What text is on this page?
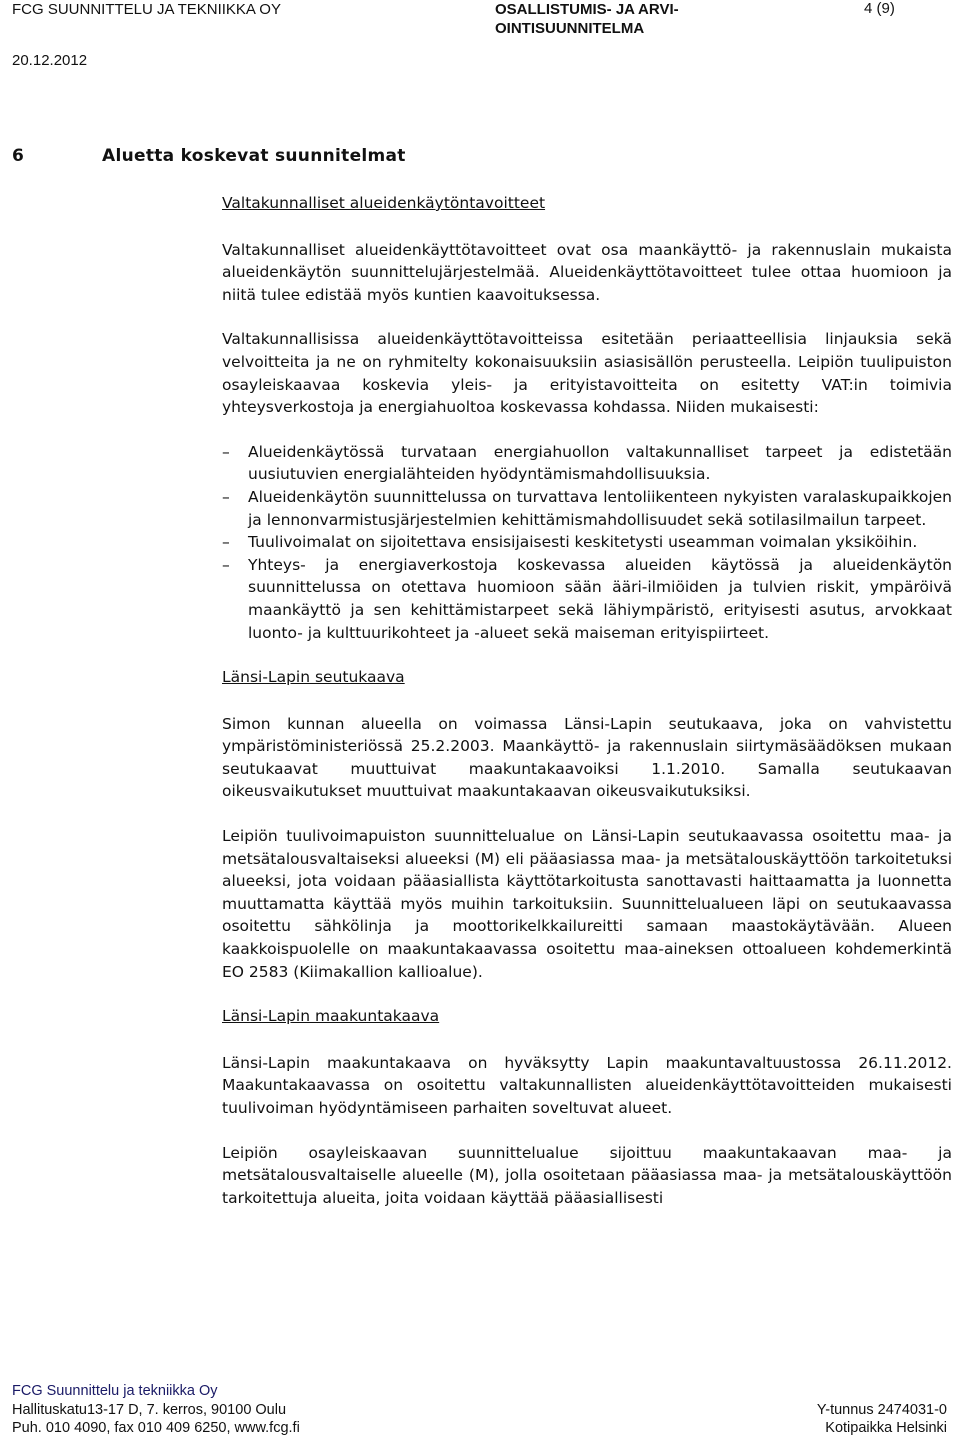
FCG SUUNNITTELU JA TEKNIIKKA OY
20.12.2012
OSALLISTUMIS- JA ARVI-OINTISUUNNITELMA
4 (9)
6	Aluetta koskevat suunnitelmat

Valtakunnalliset alueidenkäytöntavoitteet

Valtakunnalliset alueidenkäyttötavoitteet ovat osa maankäyttö- ja rakennuslain mukaista alueidenkäytön suunnittelujärjestelmää. Alueidenkäyttötavoitteet tulee ottaa huomioon ja niitä tulee edistää myös kuntien kaavoituksessa.

Valtakunnallisissa alueidenkäyttötavoitteissa esitetään periaatteellisia linjauksia sekä velvoitteita ja ne on ryhmitelty kokonaisuuksiin asiasisällön perusteella. Leipiön tuulipuiston osayleiskaavaa koskevia yleis- ja erityistavoitteita on esitetty VAT:in toimivia yhteysverkostoja ja energiahuoltoa koskevassa kohdassa. Niiden mukaisesti:

– Alueidenkäytössä turvataan energiahuollon valtakunnalliset tarpeet ja edistetään uusiutuvien energialähteiden hyödyntämismahdollisuuksia.
– Alueidenkäytön suunnittelussa on turvattava lentoliikenteen nykyisten varalaskupaikkojen ja lennonvarmistusjärjestelmien kehittämismahdollisuudet sekä sotilasilmailun tarpeet.
– Tuulivoimalat on sijoitettava ensisijaisesti keskitetysti useamman voimalan yksiköihin.
– Yhteys- ja energiaverkostoja koskevassa alueiden käytössä ja alueidenkäytön suunnittelussa on otettava huomioon sään ääri-ilmiöiden ja tulvien riskit, ympäröivä maankäyttö ja sen kehittämistarpeet sekä lähiympäristö, erityisesti asutus, arvokkaat luonto- ja kulttuurikohteet ja -alueet sekä maiseman erityispiirteet.

Länsi-Lapin seutukaava

Simon kunnan alueella on voimassa Länsi-Lapin seutukaava, joka on vahvistettu ympäristöministeriössä 25.2.2003. Maankäyttö- ja rakennuslain siirtymäsäädöksen mukaan seutukaavat muuttuivat maakuntakaavoiksi 1.1.2010. Samalla seutukaavan oikeusvaikutukset muuttuivat maakuntakaavan oikeusvaikutuksiksi.

Leipiön tuulivoimapuiston suunnittelualue on Länsi-Lapin seutukaavassa osoitettu maa- ja metsätalousvaltaiseksi alueeksi (M) eli pääasiassa maa- ja metsätalouskäyttöön tarkoitetuksi alueeksi, jota voidaan pääasiallista käyttötarkoitusta sanottavasti haittaamatta ja luonnetta muuttamatta käyttää myös muihin tarkoituksiin. Suunnittelualueen läpi on seutukaavassa osoitettu sähkölinja ja moottorikelkkailureitti samaan maastokäytävään. Alueen kaakkoispuolelle on maakuntakaavassa osoitettu maa-aineksen ottoalueen kohdemerkintä EO 2583 (Kiimakallion kallioalue).

Länsi-Lapin maakuntakaava

Länsi-Lapin maakuntakaava on hyväksytty Lapin maakuntavaltuustossa 26.11.2012. Maakuntakaavassa on osoitettu valtakunnallisten alueidenkäyttötavoitteiden mukaisesti tuulivoiman hyödyntämiseen parhaiten soveltuvat alueet.

Leipiön osayleiskaavan suunnittelualue sijoittuu maakuntakaavan maa- ja metsätalousvaltaiselle alueelle (M), jolla osoitetaan pääasiassa maa- ja metsätalouskäyttöön tarkoitettuja alueita, joita voidaan käyttää pääasiallisesti

FCG Suunnittelu ja tekniikka Oy
Hallituskatu13-17 D, 7. kerros, 90100 Oulu	Y-tunnus 2474031-0
Puh. 010 4090, fax 010 409 6250, www.fcg.fi	Kotipaikka Helsinki
